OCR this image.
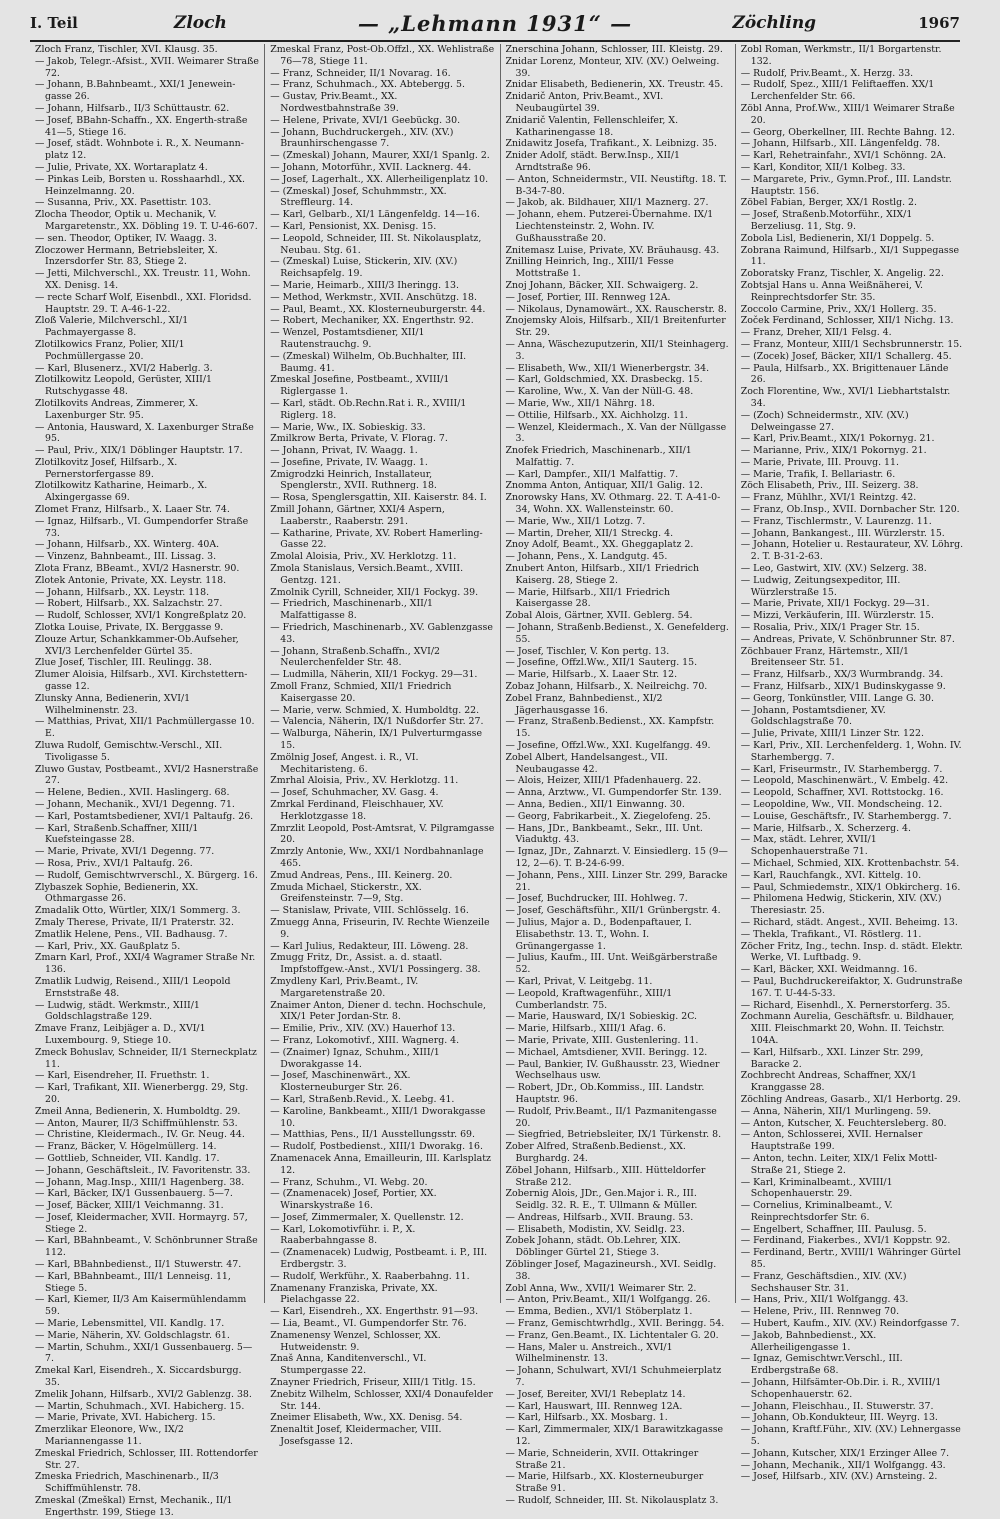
I. Teil	Zloch	— „Lehmann 1931“ —	Zöchling	1967

Zloch Franz, Tischler, XVI. Klausg. 35.

— Jakob, Telegr.-Afsist., XVII. Weimarer Straße 72.

— Johann, B.Bahnbeamt., XXI/1 Jenewein-gasse 26.

— Johann, Hilfsarb., II/3 Schüttaustr. 62.

— Josef, BBahn-Schaffn., XX. Engerth-straße 41—5, Stiege 16.

— Josef, städt. Wohnbote i. R., X. Neumann-platz 12.

— Julie, Private, XX. Wortaraplatz 4.

— Pinkas Leib, Borsten u. Rosshaarhdl., XX. Heinzelmanng. 20.

— Susanna, Priv., XX. Pasettistr. 103.

Zlocha Theodor, Optik u. Mechanik, V. Margaretenstr., XX. Döbling 19. T. U-46-607.

— sen. Theodor, Optiker, IV. Waagg. 3.

Zloczower Hermann, Betriebsleiter, X. Inzersdorfer Str. 83, Stiege 2.

— Jetti, Milchverschl., XX. Treustr. 11, Wohn. XX. Denisg. 14.

— recte Scharf Wolf, Eisenbdl., XXI. Floridsd. Hauptstr. 29. T. A-46-1-22.

Zloß Valerie, Milchverschl., XI/1 Pachmayergasse 8.

Zlotilkowics Franz, Polier, XII/1 Pochmüllergasse 20.

— Karl, Blusenerz., XVI/2 Haberlg. 3.

Zlotilkowitz Leopold, Gerüster, XIII/1 Rutschygasse 48.

Zlotilkovits Andreas, Zimmerer, X. Laxenburger Str. 95.

— Antonia, Hausward, X. Laxenburger Straße 95.

— Paul, Priv., XIX/1 Döblinger Hauptstr. 17.

Zlotilkovitz Josef, Hilfsarb., X. Pernerstorfergasse 89.

Zlotilkowitz Katharine, Heimarb., X. Alxingergasse 69.

Zlomet Franz, Hilfsarb., X. Laaer Str. 74.

— Ignaz, Hilfsarb., VI. Gumpendorfer Straße 73.

— Johann, Hilfsarb., XX. Winterg. 40A.

— Vinzenz, Bahnbeamt., III. Lissag. 3.

Zlota Franz, BBeamt., XVI/2 Hasnerstr. 90.

Zlotek Antonie, Private, XX. Leystr. 118.

— Johann, Hilfsarb., XX. Leystr. 118.

— Robert, Hilfsarb., XX. Salzachstr. 27.

— Rudolf, Schlosser, XVI/1 Kongreßplatz 20.

Zlotka Louise, Private, IX. Berggasse 9.

Zlouze Artur, Schankkammer-Ob.Aufseher, XVI/3 Lerchenfelder Gürtel 35.

Zlue Josef, Tischler, III. Reulingg. 38.

Zlumer Aloisia, Hilfsarb., XVI. Kirchstettern-gasse 12.

Zlunsky Anna, Bedienerin, XVI/1 Wilhelminenstr. 23.

— Matthias, Privat, XII/1 Pachmüllergasse 10. E.

Zluwa Rudolf, Gemischtw.-Verschl., XII. Tivoligasse 5.

Zluwo Gustav, Postbeamt., XVI/2 Hasnerstraße 27.

— Helene, Bedien., XVII. Haslingerg. 68.

— Johann, Mechanik., XVI/1 Degenng. 71.

— Karl, Postamtsbediener, XVI/1 Paltaufg. 26.

— Karl, Straßenb.Schaffner, XIII/1 Kuefsteingasse 28.

— Marie, Private, XVI/1 Degenng. 77.

— Rosa, Priv., XVI/1 Paltaufg. 26.

— Rudolf, Gemischtwrverschl., X. Bürgerg. 16.

Zlybaszek Sophie, Bedienerin, XX. Othmargasse 26.

Zmadalik Otto, Würtler, XIX/1 Sommerg. 3.

Zmaly Therese, Private, II/1 Praterstr. 32.

Zmatlik Helene, Pens., VII. Badhausg. 7.

— Karl, Priv., XX. Gaußplatz 5.

Zmarn Karl, Prof., XXI/4 Wagramer Straße Nr. 136.

Zmatlik Ludwig, Reisend., XIII/1 Leopold Ernststraße 48.

— Ludwig, städt. Werkmstr., XIII/1 Goldschlagstraße 129.

Zmave Franz, Leibjäger a. D., XVI/1 Luxembourg. 9, Stiege 10.

Zmeck Bohuslav, Schneider, II/1 Sterneckplatz 11.

— Karl, Eisendreher, II. Fruethstr. 1.

— Karl, Trafikant, XII. Wienerbergg. 29, Stg. 20.

Zmeil Anna, Bedienerin, X. Humboldtg. 29.

— Anton, Maurer, II/3 Schiffmühlenstr. 53.

— Christine, Kleidermach., IV. Gr. Neug. 44.

— Franz, Bäcker, V. Högelmüllerg. 14.

— Gottlieb, Schneider, VII. Kandlg. 17.

— Johann, Geschäftsleit., IV. Favoritenstr. 33.

— Johann, Mag.Insp., XIII/1 Hagenberg. 38.

— Karl, Bäcker, IX/1 Gussenbauerg. 5—7.

— Josef, Bäcker, XIII/1 Veichmanng. 31.

— Josef, Kleidermacher, XVII. Hormayrg. 57, Stiege 2.

— Karl, BBahnbeamt., V. Schönbrunner Straße 112.

— Karl, BBahnbedienst., II/1 Stuwerstr. 47.

— Karl, BBahnbeamt., III/1 Lenneisg. 11, Stiege 5.

— Karl, Kiemer, II/3 Am Kaisermühlendamm 59.

— Marie, Lebensmittel, VII. Kandlg. 17.

— Marie, Näherin, XV. Goldschlagstr. 61.

— Martin, Schuhm., XXI/1 Gussenbauerg. 5—7.

Zmekal Karl, Eisendreh., X. Siccardsburgg. 35.

Zmelik Johann, Hilfsarb., XVI/2 Gablenzg. 38.

— Martin, Schuhmach., XVI. Habicherg. 15.

— Marie, Private, XVI. Habicherg. 15.

Zmerzlikar Eleonore, Ww., IX/2 Mariannengasse 11.

Zmeskal Friedrich, Schlosser, III. Rottendorfer Str. 27.

Zmeska Friedrich, Maschinenarb., II/3 Schiffmühlenstr. 78.

Zmeskal (Zmeškal) Ernst, Mechanik., II/1 Engerthstr. 199, Stiege 13.

Zmeskal Franz, Post-Ob.Offzl., XX. Wehlistraße 76—78, Stiege 11.

— Franz, Schneider, II/1 Novarag. 16.

— Franz, Schuhmach., XX. Abtebergg. 5.

— Gustav, Priv.Beamt., XX. Nordwestbahnstraße 39.

— Helene, Private, XVI/1 Geebückg. 30.

— Johann, Buchdruckergeh., XIV. (XV.) Braunhirschengasse 7.

— (Zmeskal) Johann, Maurer, XXI/1 Spanlg. 2.

— Johann, Motorführ., XVII. Lacknerg. 44.

— Josef, Lagerhalt., XX. Allerheiligenplatz 10.

— (Zmeskal) Josef, Schuhmmstr., XX. Streffleurg. 14.

— Karl, Gelbarb., XI/1 Längenfeldg. 14—16.

— Karl, Pensionist, XX. Denisg. 15.

— Leopold, Schneider, III. St. Nikolausplatz, Neubau. Stg. 61.

— (Zmeskal) Luise, Stickerin, XIV. (XV.) Reichsapfelg. 19.

— Marie, Heimarb., XIII/3 Iheringg. 13.

— Method, Werkmstr., XVII. Anschützg. 18.

— Paul, Beamt., XX. Klosterneuburgerstr. 44.

— Robert, Mechaniker, XX. Engerthstr. 92.

— Wenzel, Postamtsdiener, XII/1 Rautenstrauchg. 9.

— (Zmeskal) Wilhelm, Ob.Buchhalter, III. Baumg. 41.

Zmeskal Josefine, Postbeamt., XVIII/1 Riglergasse 1.

— Karl, städt. Ob.Rechn.Rat i. R., XVIII/1 Riglerg. 18.

— Marie, Ww., IX. Sobieskig. 33.

Zmilkrow Berta, Private, V. Florag. 7.

— Johann, Privat, IV. Waagg. 1.

— Josefine, Private, IV. Waagg. 1.

Zmigrodzki Heinrich, Installateur, Spenglerstr., XVII. Ruthnerg. 18.

— Rosa, Spenglersgattin, XII. Kaiserstr. 84. I.

Zmill Johann, Gärtner, XXI/4 Aspern, Laaberstr., Raaberstr. 291.

— Katharine, Private, XV. Robert Hamerling-Gasse 22.

Zmolal Aloisia, Priv., XV. Herklotzg. 11.

Zmola Stanislaus, Versich.Beamt., XVIII. Gentzg. 121.

Zmolnik Cyrill, Schneider, XII/1 Fockyg. 39.

— Friedrich, Maschinenarb., XII/1 Malfattigasse 8.

— Friedrich, Maschinenarb., XV. Gablenzgasse 43.

— Johann, Straßenb.Schaffn., XVI/2 Neulerchenfelder Str. 48.

— Ludmilla, Näherin, XII/1 Fockyg. 29—31.

Zmoll Franz, Schmied, XII/1 Friedrich Kaisergasse 20.

— Marie, verw. Schmied, X. Humboldtg. 22.

— Valencia, Näherin, IX/1 Nußdorfer Str. 27.

— Walburga, Näherin, IX/1 Pulverturmgasse 15.

Zmölnig Josef, Angest. i. R., VI. Mechitaristeng. 6.

Zmrhal Aloisia, Priv., XV. Herklotzg. 11.

— Josef, Schuhmacher, XV. Gasg. 4.

Zmrkal Ferdinand, Fleischhauer, XV. Herklotzgasse 18.

Zmrzlit Leopold, Post-Amtsrat, V. Pilgramgasse 20.

Zmrzly Antonie, Ww., XXI/1 Nordbahnanlage 465.

Zmud Andreas, Pens., III. Keinerg. 20.

Zmuda Michael, Stickerstr., XX. Greifensteinstr. 7—9, Stg.

— Stanislaw, Private, VIII. Schlösselg. 16.

Zmuegg Anna, Friseurin, IV. Rechte Wienzeile 9.

— Karl Julius, Redakteur, III. Löweng. 28.

Zmugg Fritz, Dr., Assist. a. d. staatl. Impfstoffgew.-Anst., XVI/1 Possingerg. 38.

Zmydleny Karl, Priv.Beamt., IV. Margaretenstraße 20.

Znaimer Anton, Diener d. techn. Hochschule, XIX/1 Peter Jordan-Str. 8.

— Emilie, Priv., XIV. (XV.) Hauerhof 13.

— Franz, Lokomotivf., XIII. Wagnerg. 4.

— (Znaimer) Ignaz, Schuhm., XIII/1 Dworakgasse 14.

— Josef, Maschinenwärt., XX. Klosterneuburger Str. 26.

— Karl, Straßenb.Revid., X. Leebg. 41.

— Karoline, Bankbeamt., XIII/1 Dworakgasse 10.

— Matthias, Pens., II/1 Ausstellungsstr. 69.

— Rudolf, Postbedienst., XIII/1 Dworakg. 16.

Znamenacek Anna, Emailleurin, III. Karlsplatz 12.

— Franz, Schuhm., VI. Webg. 20.

— (Znamenacek) Josef, Portier, XX. Winarskystraße 16.

— Josef, Zimmermaler, X. Quellenstr. 12.

— Karl, Lokomotivführ. i. P., X. Raaberbahngasse 8.

— (Znamenacek) Ludwig, Postbeamt. i. P., III. Erdbergstr. 3.

— Rudolf, Werkführ., X. Raaberbahng. 11.

Znamenany Franziska, Private, XX. Pielachgasse 22.

— Karl, Eisendreh., XX. Engerthstr. 91—93.

— Lia, Beamt., VI. Gumpendorfer Str. 76.

Znamenensy Wenzel, Schlosser, XX. Hutweidenstr. 9.

Znaš Anna, Kanditenverschl., VI. Stumpergasse 22.

Znayner Friedrich, Friseur, XIII/1 Titlg. 15.

Znebitz Wilhelm, Schlosser, XXI/4 Donaufelder Str. 144.

Zneimer Elisabeth, Ww., XX. Denisg. 54.

Znenaltit Josef, Kleidermacher, VIII. Josefsgasse 12.

Znerschina Johann, Schlosser, III. Kleistg. 29.

Znidar Lorenz, Monteur, XIV. (XV.) Oelweing. 39.

Znidar Elisabeth, Bedienerin, XX. Treustr. 45.

Znidarič Anton, Priv.Beamt., XVI. Neubaugürtel 39.

Znidarič Valentin, Fellenschleifer, X. Katharinengasse 18.

Znidawitz Josefa, Trafikant., X. Leibnizg. 35.

Znider Adolf, städt. Berw.Insp., XII/1 Arndtstraße 96.

— Anton, Schneidermstr., VII. Neustiftg. 18. T. B-34-7-80.

— Jakob, ak. Bildhauer, XII/1 Maznerg. 27.

— Johann, ehem. Putzerei-Übernahme. IX/1 Liechtensteinstr. 2, Wohn. IV. Gußhausstraße 20.

Znitemasz Luise, Private, XV. Bräuhausg. 43.

Znilling Heinrich, Ing., XIII/1 Fesse Mottstraße 1.

Znoj Johann, Bäcker, XII. Schwaigerg. 2.

— Josef, Portier, III. Rennweg 12A.

— Nikolaus, Dynamowärt., XX. Rauscherstr. 8.

Znojemsky Alois, Hilfsarb., XII/1 Breitenfurter Str. 29.

— Anna, Wäschezuputzerin, XII/1 Steinhagerg. 3.

— Elisabeth, Ww., XII/1 Wienerbergstr. 34.

— Karl, Goldschmied, XX. Drasbeckg. 15.

— Karoline, Ww., X. Van der Nüll-G. 48.

— Marie, Ww., XII/1 Nährg. 18.

— Ottilie, Hilfsarb., XX. Aichholzg. 11.

— Wenzel, Kleidermach., X. Van der Nüllgasse 3.

Znofek Friedrich, Maschinenarb., XII/1 Malfattig. 7.

— Karl, Dampfer., XII/1 Malfattig. 7.

Znomma Anton, Antiquar, XII/1 Galig. 12.

Znorowsky Hans, XV. Othmarg. 22. T. A-41-0-34, Wohn. XX. Wallensteinstr. 60.

— Marie, Ww., XII/1 Lotzg. 7.

— Martin, Dreher, XII/1 Streckg. 4.

Znoy Adolf, Beamt., XX. Gheggaplatz 2.

— Johann, Pens., X. Landgutg. 45.

Znubert Anton, Hilfsarb., XII/1 Friedrich Kaiserg. 28, Stiege 2.

— Marie, Hilfsarb., XII/1 Friedrich Kaisergasse 28.

Zobal Alois, Gärtner, XVII. Geblerg. 54.

— Johann, Straßenb.Bedienst., X. Genefelderg. 55.

— Josef, Tischler, V. Kon pertg. 13.

— Josefine, Offzl.Ww., XII/1 Sauterg. 15.

— Marie, Hilfsarb., X. Laaer Str. 12.

Zobaz Johann, Hilfsarb., X. Neilreichg. 70.

Zobel Franz, Bahnbedienst., XI/2 Jägerhausgasse 16.

— Franz, Straßenb.Bedienst., XX. Kampfstr. 15.

— Josefine, Offzl.Ww., XXI. Kugelfangg. 49.

Zobel Albert, Handelsangest., VII. Neubaugasse 42.

— Alois, Heizer, XIII/1 Pfadenhauerg. 22.

— Anna, Arztww., VI. Gumpendorfer Str. 139.

— Anna, Bedien., XII/1 Einwanng. 30.

— Georg, Fabrikarbeit., X. Ziegelofeng. 25.

— Hans, JDr., Bankbeamt., Sekr., III. Unt. Viaduktg. 43.

— Ignaz, JDr., Zahnarzt. V. Einsiedlerg. 15 (9—12, 2—6). T. B-24-6-99.

— Johann, Pens., XIII. Linzer Str. 299, Baracke 21.

— Josef, Buchdrucker, III. Hohlweg. 7.

— Josef, Geschäftsführ., XII/1 Grünbergstr. 4.

— Julius, Major a. D., Bodenpaftauer, I. Elisabethstr. 13. T., Wohn. I. Grünangergasse 1.

— Julius, Kaufm., III. Unt. Weißgärberstraße 52.

— Karl, Privat, V. Leitgebg. 11.

— Leopold, Kraftwagenführ., XIII/1 Cumberlandstr. 75.

— Marie, Hausward, IX/1 Sobieskig. 2C.

— Marie, Hilfsarb., XIII/1 Afag. 6.

— Marie, Private, XIII. Gustenlering. 11.

— Michael, Amtsdiener, XVII. Beringg. 12.

— Paul, Bankier, IV. Gußhausstr. 23, Wiedner Wechselhaus usw.

— Robert, JDr., Ob.Kommiss., III. Landstr. Hauptstr. 96.

— Rudolf, Priv.Beamt., II/1 Pazmanitengasse 20.

— Siegfried, Betriebsleiter, IX/1 Türkenstr. 8.

Zober Alfred, Straßenb.Bedienst., XX. Burghardg. 24.

Zöbel Johann, Hilfsarb., XIII. Hütteldorfer Straße 212.

Zobernig Alois, JDr., Gen.Major i. R., III. Seidlg. 32. R. E., T. Ullmann & Müller.

— Andreas, Hilfsarb., XVII. Braung. 53.

— Elisabeth, Modistin, XV. Seidlg. 23.

Zobek Johann, städt. Ob.Lehrer, XIX. Döblinger Gürtel 21, Stiege 3.

Zöblinger Josef, Magazineursh., XVI. Seidlg. 38.

Zobl Anna, Ww., XVII/1 Weimarer Str. 2.

— Anton, Priv.Beamt., XII/1 Wolfgangg. 26.

— Emma, Bedien., XVI/1 Stöberplatz 1.

— Franz, Gemischtwrhdlg., XVII. Beringg. 54.

— Franz, Gen.Beamt., IX. Lichtentaler G. 20.

— Hans, Maler u. Anstreich., XVI/1 Wilhelminenstr. 13.

— Johann, Schulwart, XVI/1 Schuhmeierplatz 7.

— Josef, Bereiter, XVI/1 Rebeplatz 14.

— Karl, Hauswart, III. Rennweg 12A.

— Karl, Hilfsarb., XX. Mosbarg. 1.

— Karl, Zimmermaler, XIX/1 Barawitzkagasse 12.

— Marie, Schneiderin, XVII. Ottakringer Straße 21.

— Marie, Hilfsarb., XX. Klosterneuburger Straße 91.

— Rudolf, Schneider, III. St. Nikolausplatz 3.

Zobl Roman, Werkmstr., II/1 Borgartenstr. 132.

— Rudolf, Priv.Beamt., X. Herzg. 33.

— Rudolf, Spez., XIII/1 Feliftaeffen. XX/1 Lerchenfelder Str. 66.

Zöbl Anna, Prof.Ww., XIII/1 Weimarer Straße 20.

— Georg, Oberkellner, III. Rechte Bahng. 12.

— Johann, Hilfsarb., XII. Längenfeldg. 78.

— Karl, Rehetrainfahr., XVI/1 Schönng. 2A.

— Karl, Konditor, XII/1 Kolbeg. 33.

— Margarete, Priv., Gymn.Prof., III. Landstr. Hauptstr. 156.

Zöbel Fabian, Berger, XX/1 Rostlg. 2.

— Josef, Straßenb.Motorführ., XIX/1 Berzeliusg. 11, Stg. 9.

Zobola Lisl, Bedienerin, XI/1 Doppelg. 5.

Zobrana Raimund, Hilfsarb., XI/1 Suppegasse 11.

Zoboratsky Franz, Tischler, X. Angelig. 22.

Zobtsjal Hans u. Anna Weißnäherei, V. Reinprechtsdorfer Str. 35.

Zoccolo Carmine, Priv., XX/1 Hollerg. 35.

Zoček Ferdinand, Schlosser, XII/1 Nichg. 13.

— Franz, Dreher, XII/1 Felsg. 4.

— Franz, Monteur, XIII/1 Sechsbrunnerstr. 15.

— (Zocek) Josef, Bäcker, XII/1 Schallerg. 45.

— Paula, Hilfsarb., XX. Brigittenauer Lände 26.

Zoch Florentine, Ww., XVI/1 Liebhartstalstr. 34.

— (Zoch) Schneidermstr., XIV. (XV.) Delweingasse 27.

— Karl, Priv.Beamt., XIX/1 Pokornyg. 21.

— Marianne, Priv., XIX/1 Pokornyg. 21.

— Marie, Private, III. Prouvg. 11.

— Marie, Trafik, I. Bellariastr. 6.

Zöch Elisabeth, Priv., III. Seizerg. 38.

— Franz, Mühlhr., XVI/1 Reintzg. 42.

— Franz, Ob.Insp., XVII. Dornbacher Str. 120.

— Franz, Tischlermstr., V. Laurenzg. 11.

— Johann, Bankangest., III. Würzlerstr. 15.

— Johann, Hotelier u. Restaurateur, XV. Löhrg. 2. T. B-31-2-63.

— Leo, Gastwirt, XIV. (XV.) Selzerg. 38.

— Ludwig, Zeitungsexpeditor, III. Würzlerstraße 15.

— Marie, Private, XII/1 Fockyg. 29—31.

— Mizzi, Verkäuferin, III. Würzlerstr. 15.

— Rosalia, Priv., XIX/1 Prager Str. 15.

— Andreas, Private, V. Schönbrunner Str. 87.

Zöchbauer Franz, Härtemstr., XII/1 Breitenseer Str. 51.

— Franz, Hilfsarb., XX/3 Wurmbrandg. 34.

— Franz, Hilfsarb., XIX/1 Budinskygasse 9.

— Georg, Tonkünstler, VIII. Lange G. 30.

— Johann, Postamtsdiener, XV. Goldschlagstraße 70.

— Julie, Private, XIII/1 Linzer Str. 122.

— Karl, Priv., XII. Lerchenfelderg. 1, Wohn. IV. Starhembergg. 7.

— Karl, Friseurmstr., IV. Starhembergg. 7.

— Leopold, Maschinenwärt., V. Embelg. 42.

— Leopold, Schaffner, XVI. Rottstockg. 16.

— Leopoldine, Ww., VII. Mondscheing. 12.

— Louise, Geschäftsfr., IV. Starhembergg. 7.

— Marie, Hilfsarb., X. Scherzerg. 4.

— Max, städt. Lehrer, XVII/1 Schopenhauerstraße 71.

— Michael, Schmied, XIX. Krottenbachstr. 54.

— Karl, Rauchfangk., XVI. Kittelg. 10.

— Paul, Schmiedemstr., XIX/1 Obkircherg. 16.

— Philomena Hedwig, Stickerin, XIV. (XV.) Theresiastr. 25.

— Richard, städt. Angest., XVII. Beheimg. 13.

— Thekla, Trafikant., VI. Röstlerg. 11.

Zöcher Fritz, Ing., techn. Insp. d. städt. Elektr. Werke, VI. Luftbadg. 9.

— Karl, Bäcker, XXI. Weidmanng. 16.

— Paul, Buchdruckereifaktor, X. Gudrunstraße 167. T. U-44-5-33.

— Richard, Eisenhdl., X. Pernerstorferg. 35.

Zochmann Aurelia, Geschäftsfr. u. Bildhauer, XIII. Fleischmarkt 20, Wohn. II. Teichstr. 104A.

— Karl, Hilfsarb., XXI. Linzer Str. 299, Baracke 2.

Zochbrecht Andreas, Schaffner, XX/1 Kranggasse 28.

Zöchling Andreas, Gasarb., XI/1 Herbortg. 29.

— Anna, Näherin, XII/1 Murlingeng. 59.

— Anton, Kutscher, X. Feuchtersleberg. 80.

— Anton, Schlosserei, XVII. Hernalser Hauptstraße 199.

— Anton, techn. Leiter, XIX/1 Felix Mottl-Straße 21, Stiege 2.

— Karl, Kriminalbeamt., XVIII/1 Schopenhauerstr. 29.

— Cornelius, Kriminalbeamt., V. Reinprechtsdorfer Str. 6.

— Engelbert, Schaffner, III. Paulusg. 5.

— Ferdinand, Fiakerbes., XVI/1 Koppstr. 92.

— Ferdinand, Bertr., XVIII/1 Währinger Gürtel 85.

— Franz, Geschäftsdien., XIV. (XV.) Sechshauser Str. 31.

— Hans, Priv., XII/1 Wolfgangg. 43.

— Helene, Priv., III. Rennweg 70.

— Hubert, Kaufm., XIV. (XV.) Reindorfgasse 7.

— Jakob, Bahnbedienst., XX. Allerheiligengasse 1.

— Ignaz, Gemischtwr.Verschl., III. Erdbergstraße 68.

— Johann, Hilfsämter-Ob.Dir. i. R., XVIII/1 Schopenhauerstr. 62.

— Johann, Fleischhau., II. Stuwerstr. 37.

— Johann, Ob.Kondukteur, III. Weyrg. 13.

— Johann, Kraftf.Führ., XIV. (XV.) Lehnergasse 5.

— Johann, Kutscher, XIX/1 Erzinger Allee 7.

— Johann, Mechanik., XII/1 Wolfgangg. 43.

— Josef, Hilfsarb., XIV. (XV.) Arnsteing. 2.
